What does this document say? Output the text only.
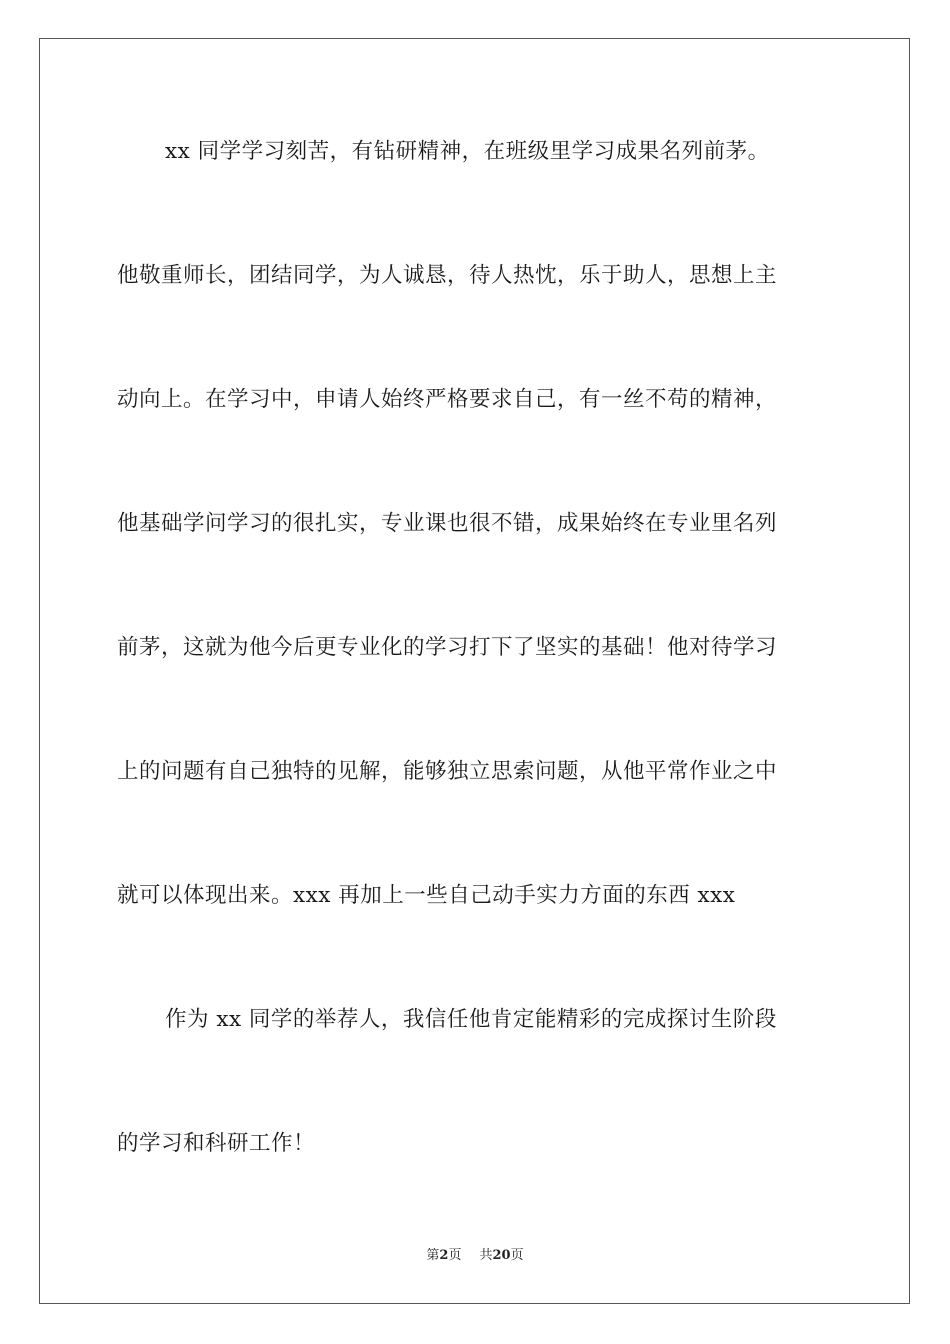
xx 同学学习刻苦，有钻研精神，在班级里学习成果名列前茅。
他敬重师长，团结同学，为人诚恳，待人热忱，乐于助人，思想上主
动向上。在学习中，申请人始终严格要求自己，有一丝不苟的精神，
他基础学问学习的很扎实，专业课也很不错，成果始终在专业里名列
前茅，这就为他今后更专业化的学习打下了坚实的基础！他对待学习
上的问题有自己独特的见解，能够独立思索问题，从他平常作业之中
就可以体现出来。xxx 再加上一些自己动手实力方面的东西 xxx
作为 xx 同学的举荐人，我信任他肯定能精彩的完成探讨生阶段
的学习和科研工作！
第2页 共20页
